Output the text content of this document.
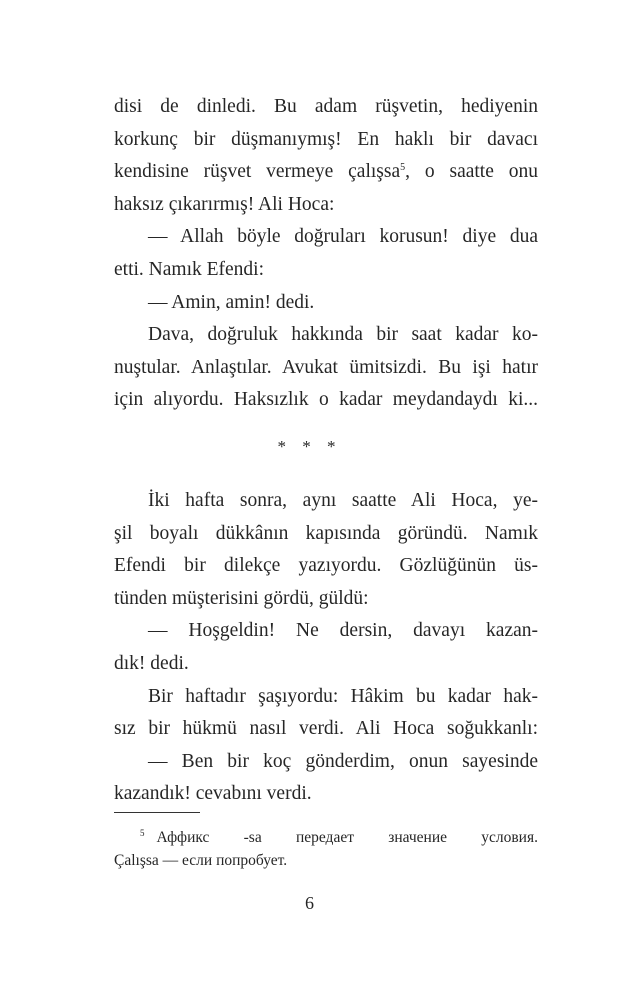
disi de dinledi. Bu adam rüşvetin, hediyenin
korkunç bir düşmanıymış! En haklı bir davacı
kendisine rüşvet vermeye çalışsa$^5$, o saatte onu
haksız çıkarırmış! Ali Hoca:
— Allah böyle doğruları korusun! diye dua
etti. Namık Efendi:
— Amin, amin! dedi.
Dava, doğruluk hakkında bir saat kadar ko-
nuştular. Anlaştılar. Avukat ümitsizdi. Bu işi hatır
için alıyordu. Haksızlık o kadar meydandaydı ki...
* * *
İki hafta sonra, aynı saatte Ali Hoca, ye-
şil boyalı dükkânın kapısında göründü. Namık
Efendi bir dilekçe yazıyordu. Gözlüğünün üs-
tünden müşterisini gördü, güldü:
— Hoşgeldin! Ne dersin, davayı kazan-
dık! dedi.
Bir haftadır şaşıyordu: Hâkim bu kadar hak-
sız bir hükmü nasıl verdi. Ali Hoca soğukkanlı:
— Ben bir koç gönderdim, onun sayesinde
kazandık! cevabını verdi.
$^5$ Аффикс -sa передает значение условия.
Çalışsa — если попробует.
6
